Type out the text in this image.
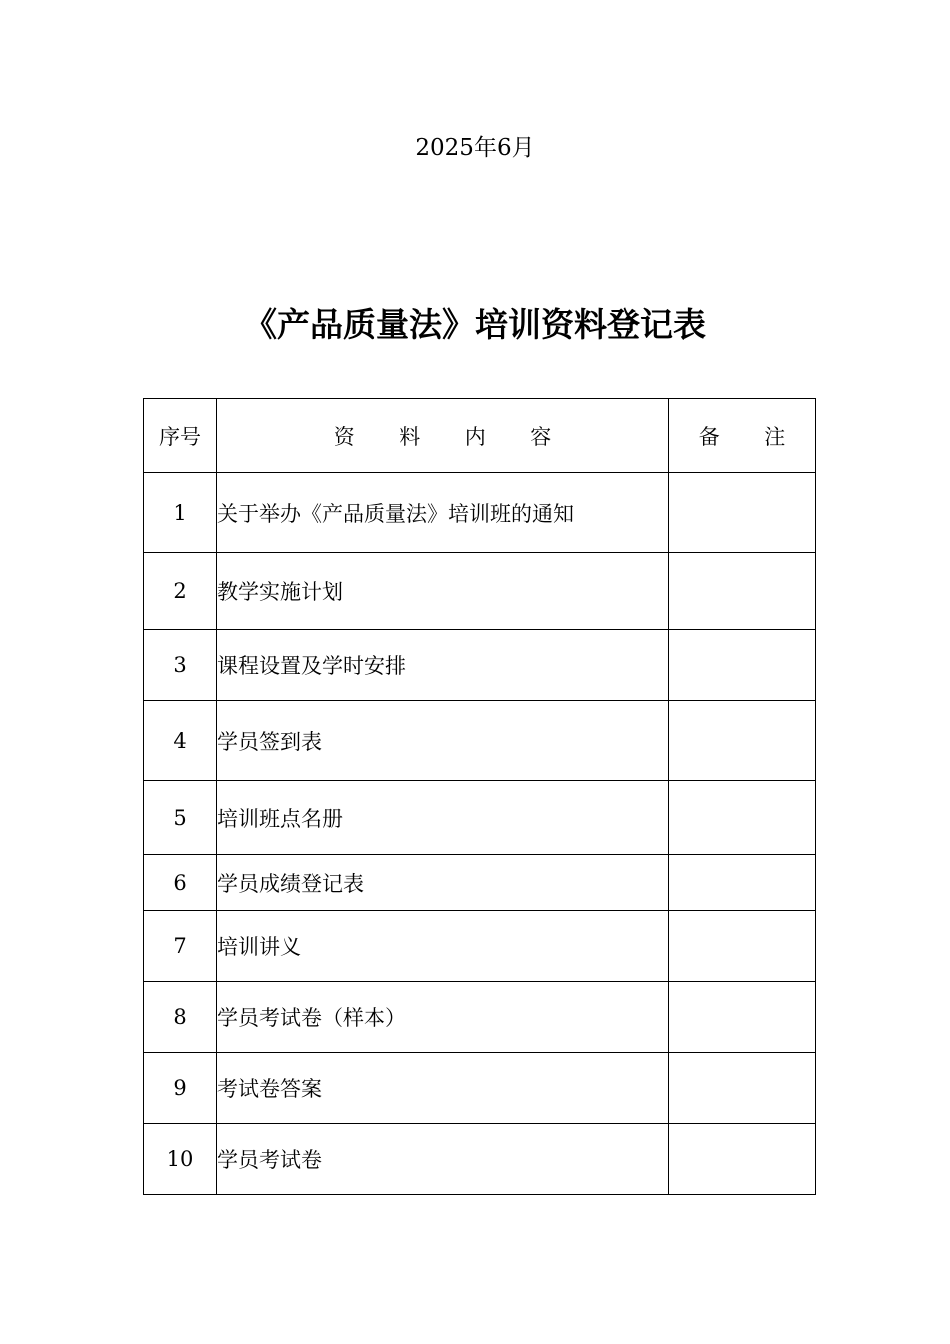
2025年6月
《产品质量法》培训资料登记表
序号	资 料 内 容	备 注
1	关于举办《产品质量法》培训班的通知	
2	教学实施计划	
3	课程设置及学时安排	
4	学员签到表	
5	培训班点名册	
6	学员成绩登记表	
7	培训讲义	
8	学员考试卷（样本）	
9	考试卷答案	
10	学员考试卷	
